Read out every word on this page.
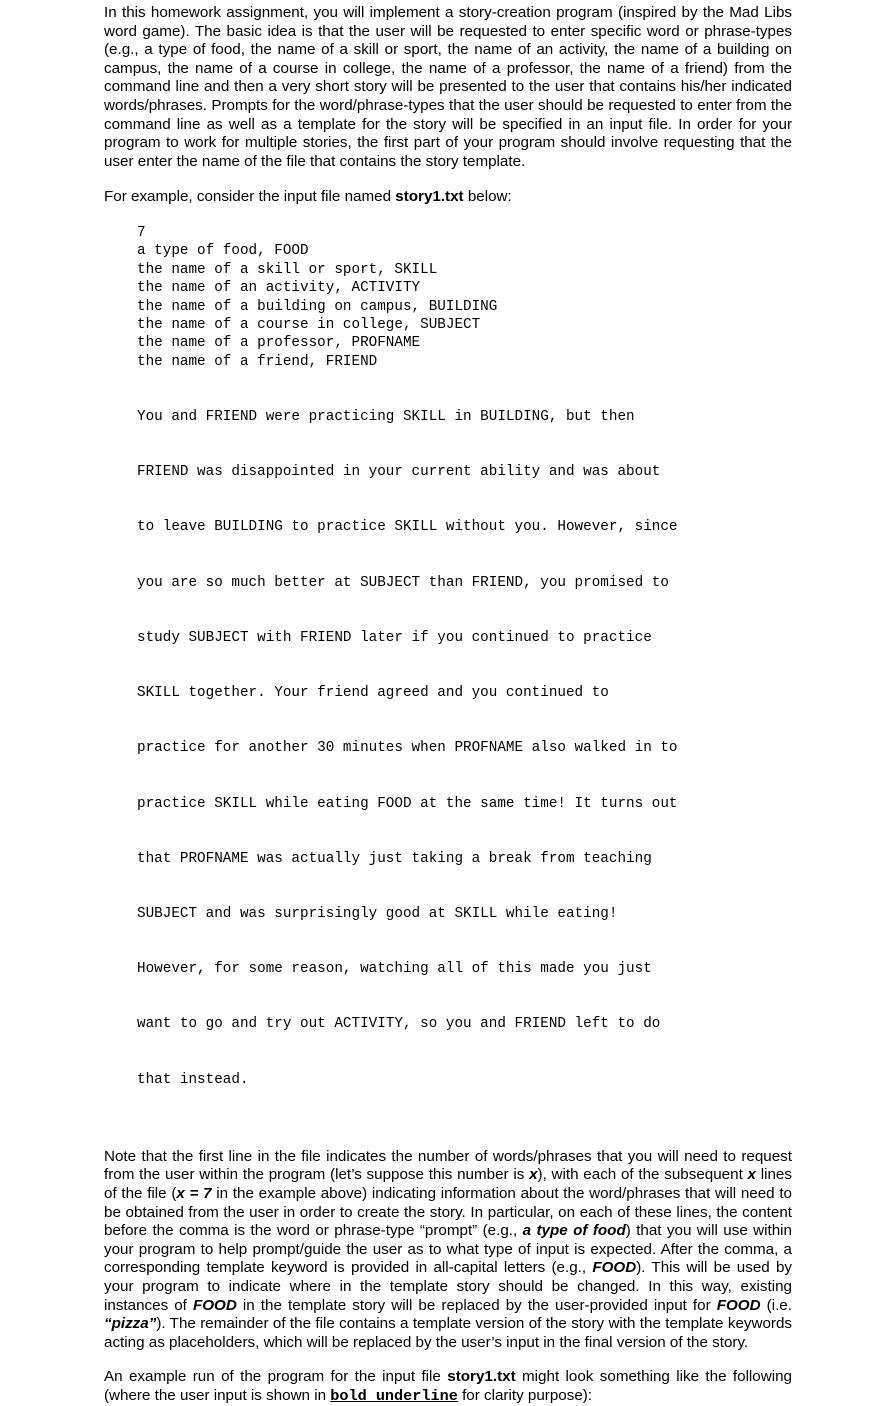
In this homework assignment, you will implement a story-creation program (inspired by the Mad Libs word game). The basic idea is that the user will be requested to enter specific word or phrase-types (e.g., a type of food, the name of a skill or sport, the name of an activity, the name of a building on campus, the name of a course in college, the name of a professor, the name of a friend) from the command line and then a very short story will be presented to the user that contains his/her indicated words/phrases. Prompts for the word/phrase-types that the user should be requested to enter from the command line as well as a template for the story will be specified in an input file. In order for your program to work for multiple stories, the first part of your program should involve requesting that the user enter the name of the file that contains the story template.

For example, consider the input file named story1.txt below:

7
a type of food, FOOD
the name of a skill or sport, SKILL
the name of an activity, ACTIVITY
the name of a building on campus, BUILDING
the name of a course in college, SUBJECT
the name of a professor, PROFNAME
the name of a friend, FRIEND

You and FRIEND were practicing SKILL in BUILDING, but then

FRIEND was disappointed in your current ability and was about

to leave BUILDING to practice SKILL without you. However, since

you are so much better at SUBJECT than FRIEND, you promised to

study SUBJECT with FRIEND later if you continued to practice

SKILL together. Your friend agreed and you continued to

practice for another 30 minutes when PROFNAME also walked in to

practice SKILL while eating FOOD at the same time! It turns out

that PROFNAME was actually just taking a break from teaching

SUBJECT and was surprisingly good at SKILL while eating!

However, for some reason, watching all of this made you just

want to go and try out ACTIVITY, so you and FRIEND left to do

that instead.

Note that the first line in the file indicates the number of words/phrases that you will need to request from the user within the program (let’s suppose this number is x), with each of the subsequent x lines of the file (x = 7 in the example above) indicating information about the word/phrases that will need to be obtained from the user in order to create the story. In particular, on each of these lines, the content before the comma is the word or phrase-type “prompt” (e.g., a type of food) that you will use within your program to help prompt/guide the user as to what type of input is expected. After the comma, a corresponding template keyword is provided in all-capital letters (e.g., FOOD). This will be used by your program to indicate where in the template story should be changed. In this way, existing instances of FOOD in the template story will be replaced by the user-provided input for FOOD (i.e. “pizza”). The remainder of the file contains a template version of the story with the template keywords acting as placeholders, which will be replaced by the user’s input in the final version of the story.

An example run of the program for the input file story1.txt might look something like the following (where the user input is shown in bold underline for clarity purpose):
